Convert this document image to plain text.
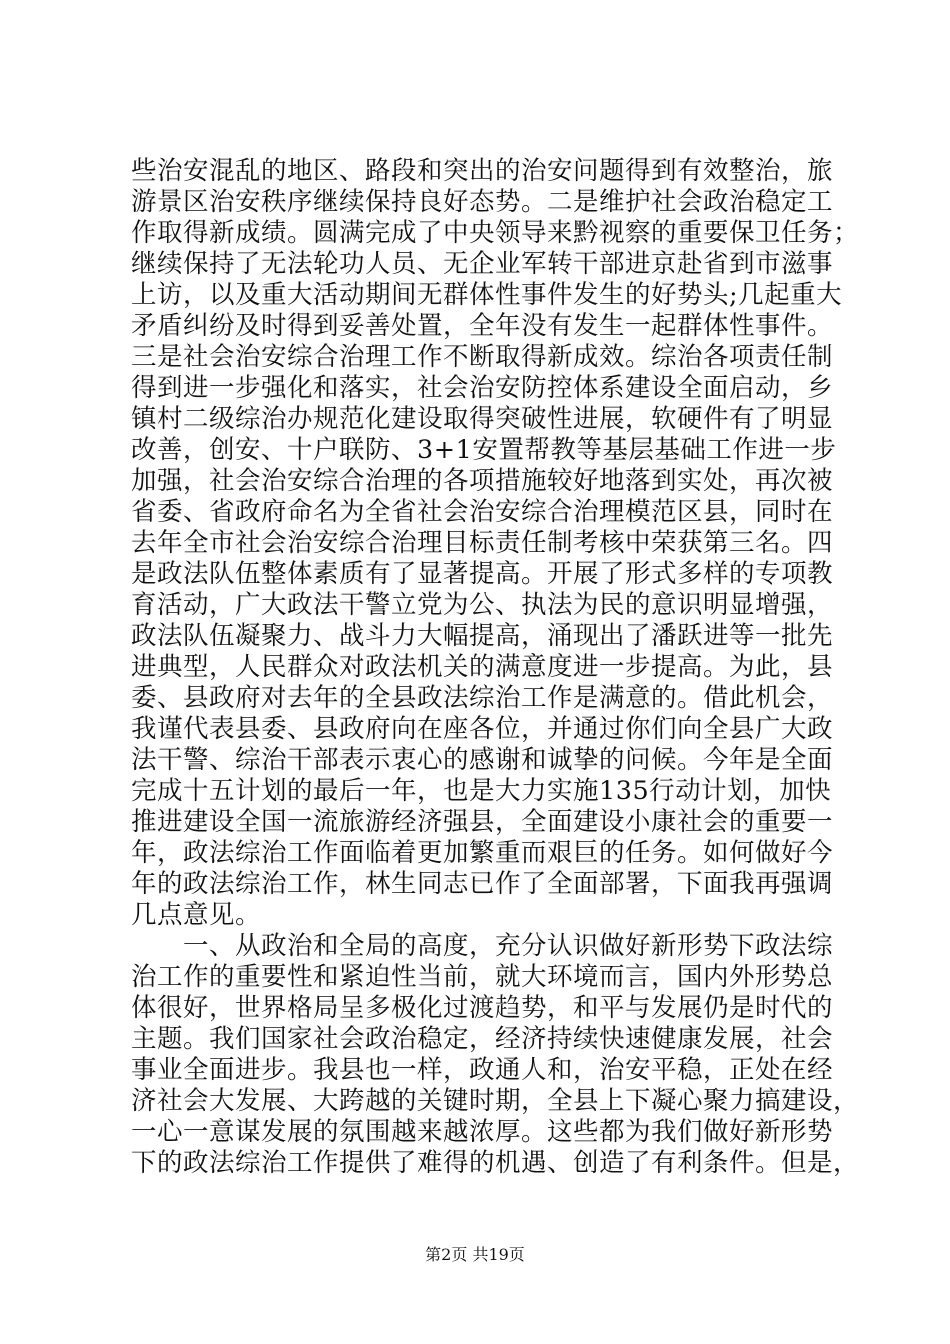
些治安混乱的地区、路段和突出的治安问题得到有效整治，旅
游景区治安秩序继续保持良好态势。二是维护社会政治稳定工
作取得新成绩。圆满完成了中央领导来黔视察的重要保卫任务；
继续保持了无法轮功人员、无企业军转干部进京赴省到市滋事
上访，以及重大活动期间无群体性事件发生的好势头;几起重大
矛盾纠纷及时得到妥善处置，全年没有发生一起群体性事件。
三是社会治安综合治理工作不断取得新成效。综治各项责任制
得到进一步强化和落实，社会治安防控体系建设全面启动，乡
镇村二级综治办规范化建设取得突破性进展，软硬件有了明显
改善，创安、十户联防、3+1安置帮教等基层基础工作进一步
加强，社会治安综合治理的各项措施较好地落到实处，再次被
省委、省政府命名为全省社会治安综合治理模范区县，同时在
去年全市社会治安综合治理目标责任制考核中荣获第三名。四
是政法队伍整体素质有了显著提高。开展了形式多样的专项教
育活动，广大政法干警立党为公、执法为民的意识明显增强，
政法队伍凝聚力、战斗力大幅提高，涌现出了潘跃进等一批先
进典型，人民群众对政法机关的满意度进一步提高。为此，县
委、县政府对去年的全县政法综治工作是满意的。借此机会，
我谨代表县委、县政府向在座各位，并通过你们向全县广大政
法干警、综治干部表示衷心的感谢和诚挚的问候。今年是全面
完成十五计划的最后一年，也是大力实施135行动计划，加快
推进建设全国一流旅游经济强县，全面建设小康社会的重要一
年，政法综治工作面临着更加繁重而艰巨的任务。如何做好今
年的政法综治工作，林生同志已作了全面部署，下面我再强调
几点意见。
一、从政治和全局的高度，充分认识做好新形势下政法综
治工作的重要性和紧迫性当前，就大环境而言，国内外形势总
体很好，世界格局呈多极化过渡趋势，和平与发展仍是时代的
主题。我们国家社会政治稳定，经济持续快速健康发展，社会
事业全面进步。我县也一样，政通人和，治安平稳，正处在经
济社会大发展、大跨越的关键时期，全县上下凝心聚力搞建设，
一心一意谋发展的氛围越来越浓厚。这些都为我们做好新形势
下的政法综治工作提供了难得的机遇、创造了有利条件。但是，
第2页 共19页
